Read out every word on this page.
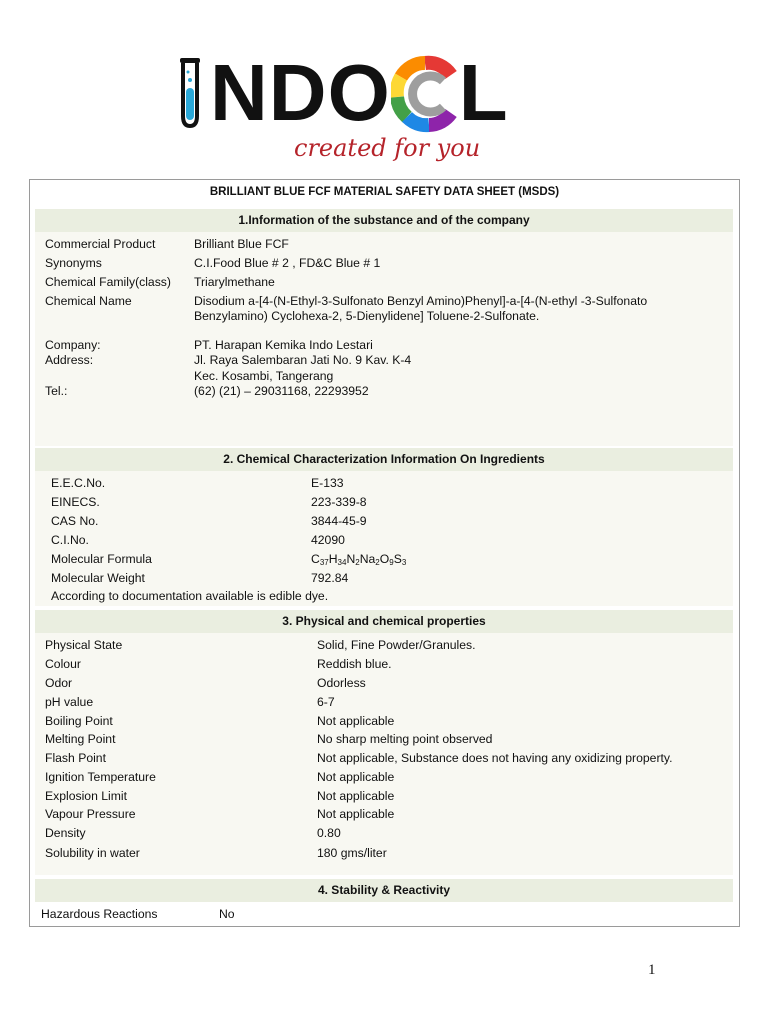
NDO L
created for you
BRILLIANT BLUE FCF MATERIAL SAFETY DATA SHEET (MSDS)
1.Information of the substance and of the company
Commercial Product	Brilliant Blue FCF
Synonyms	C.I.Food Blue # 2 , FD&C Blue # 1
Chemical Family(class) Triarylmethane
Chemical Name	Disodium a-[4-(N-Ethyl-3-Sulfonato Benzyl Amino)Phenyl]-a-[4-(N-ethyl -3-Sulfonato
Benzylamino) Cyclohexa-2, 5-Dienylidene] Toluene-2-Sulfonate.
Company:	PT. Harapan Kemika Indo Lestari
Address:	Jl. Raya Salembaran Jati No. 9 Kav. K-4
Kec. Kosambi, Tangerang
Tel.:	(62) (21) – 29031168, 22293952
2. Chemical Characterization Information On Ingredients
E.E.C.No.	E-133
EINECS.	223-339-8
CAS No.	3844-45-9
C.I.No.	42090
Molecular Formula	$C_{37}H_{34}N_2Na_2O_9S_3$
Molecular Weight	792.84
According to documentation available is edible dye.
3. Physical and chemical properties
Physical State	Solid, Fine Powder/Granules.
Colour	Reddish blue.
Odor	Odorless
pH value	6-7
Boiling Point	Not applicable
Melting Point	No sharp melting point observed
Flash Point	Not applicable, Substance does not having any oxidizing property.
Ignition Temperature	Not applicable
Explosion Limit	Not applicable
Vapour Pressure	Not applicable
Density	0.80
Solubility in water	180 gms/liter
4. Stability & Reactivity
Hazardous Reactions	No
1
